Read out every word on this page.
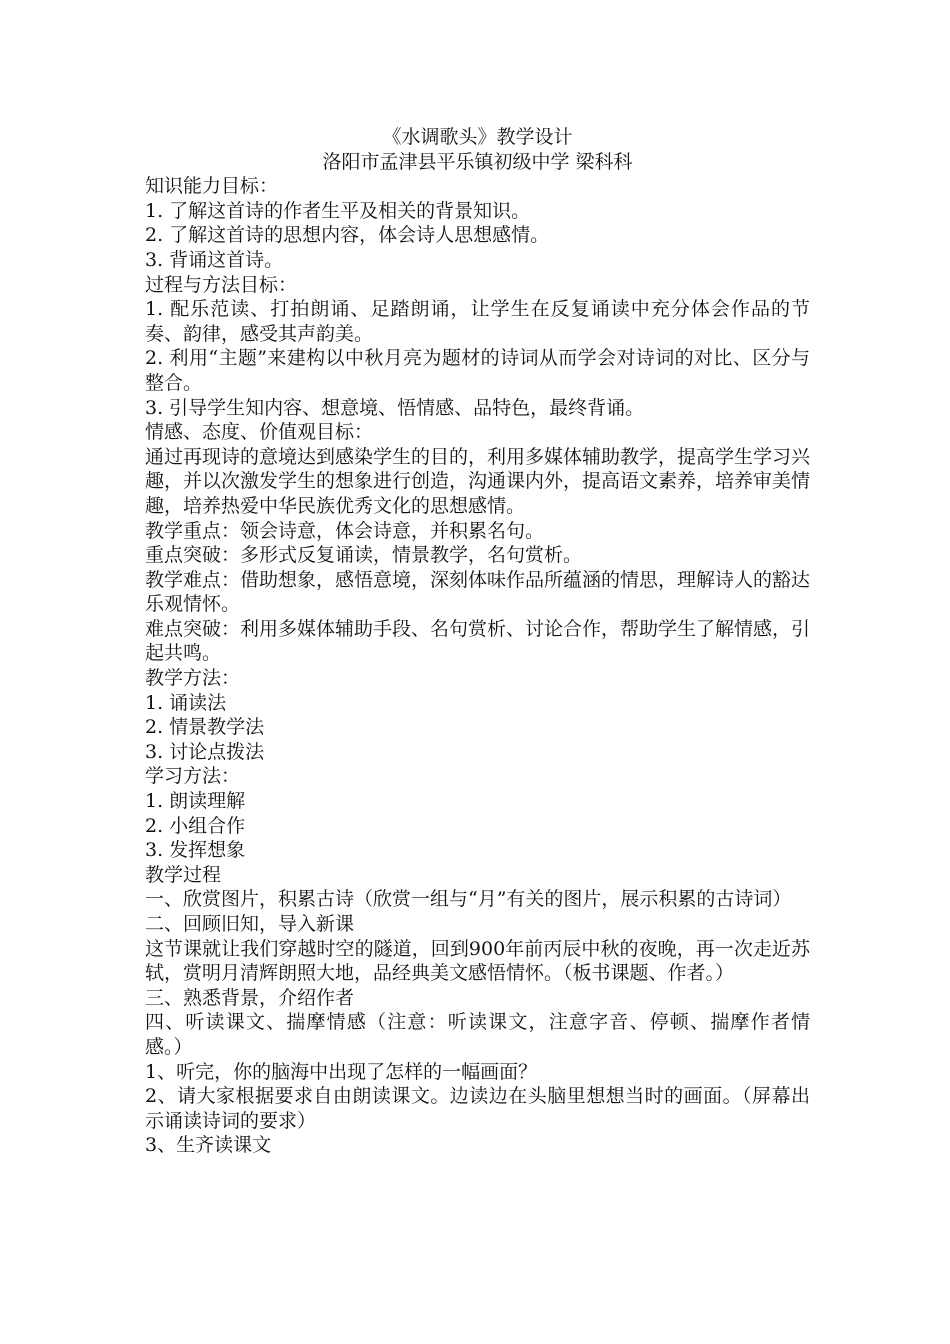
《水调歌头》教学设计
洛阳市孟津县平乐镇初级中学 梁科科

知识能力目标：

1. 了解这首诗的作者生平及相关的背景知识。

2. 了解这首诗的思想内容，体会诗人思想感情。

3. 背诵这首诗。

过程与方法目标：

1. 配乐范读、打拍朗诵、足踏朗诵，让学生在反复诵读中充分体会作品的节奏、韵律，感受其声韵美。

2. 利用“主题”来建构以中秋月亮为题材的诗词从而学会对诗词的对比、区分与整合。

3. 引导学生知内容、想意境、悟情感、品特色，最终背诵。

情感、态度、价值观目标：

通过再现诗的意境达到感染学生的目的，利用多媒体辅助教学，提高学生学习兴趣，并以次激发学生的想象进行创造，沟通课内外，提高语文素养，培养审美情趣，培养热爱中华民族优秀文化的思想感情。

教学重点：领会诗意，体会诗意，并积累名句。

重点突破：多形式反复诵读，情景教学，名句赏析。

教学难点：借助想象，感悟意境，深刻体味作品所蕴涵的情思，理解诗人的豁达乐观情怀。

难点突破：利用多媒体辅助手段、名句赏析、讨论合作，帮助学生了解情感，引起共鸣。

教学方法：

1. 诵读法

2. 情景教学法

3. 讨论点拨法

学习方法：

1. 朗读理解

2. 小组合作

3. 发挥想象

教学过程

一、欣赏图片，积累古诗（欣赏一组与“月”有关的图片，展示积累的古诗词）

二、回顾旧知，导入新课

这节课就让我们穿越时空的隧道，回到900年前丙辰中秋的夜晚，再一次走近苏轼，赏明月清辉朗照大地，品经典美文感悟情怀。（板书课题、作者。）

三、熟悉背景，介绍作者

四、听读课文、揣摩情感（注意：听读课文，注意字音、停顿、揣摩作者情感。）

1、听完，你的脑海中出现了怎样的一幅画面？

2、请大家根据要求自由朗读课文。边读边在头脑里想想当时的画面。（屏幕出示诵读诗词的要求）

3、生齐读课文
